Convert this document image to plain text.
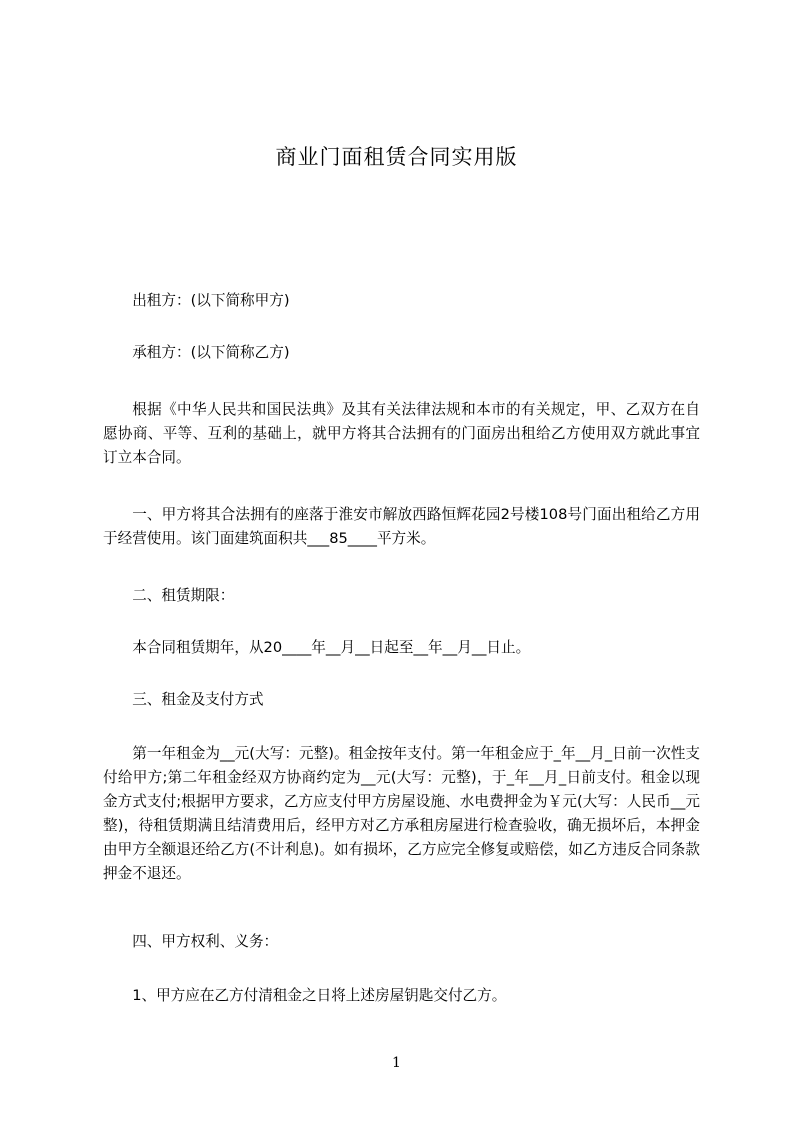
商业门面租赁合同实用版

出租方：(以下简称甲方)

承租方：(以下简称乙方)

根据《中华人民共和国民法典》及其有关法律法规和本市的有关规定，甲、乙双方在自愿协商、平等、互利的基础上，就甲方将其合法拥有的门面房出租给乙方使用双方就此事宜订立本合同。

一、甲方将其合法拥有的座落于淮安市解放西路恒辉花园2号楼108号门面出租给乙方用于经营使用。该门面建筑面积共___85____平方米。

二、租赁期限：

本合同租赁期年，从20____年__月__日起至__年__月__日止。

三、租金及支付方式

第一年租金为__元(大写：元整)。租金按年支付。第一年租金应于_年__月_日前一次性支付给甲方;第二年租金经双方协商约定为__元(大写：元整)，于_年__月_日前支付。租金以现金方式支付;根据甲方要求，乙方应支付甲方房屋设施、水电费押金为￥元(大写：人民币__元整)，待租赁期满且结清费用后，经甲方对乙方承租房屋进行检查验收，确无损坏后，本押金由甲方全额退还给乙方(不计利息)。如有损坏，乙方应完全修复或赔偿，如乙方违反合同条款押金不退还。

四、甲方权利、义务：

1、甲方应在乙方付清租金之日将上述房屋钥匙交付乙方。

1
